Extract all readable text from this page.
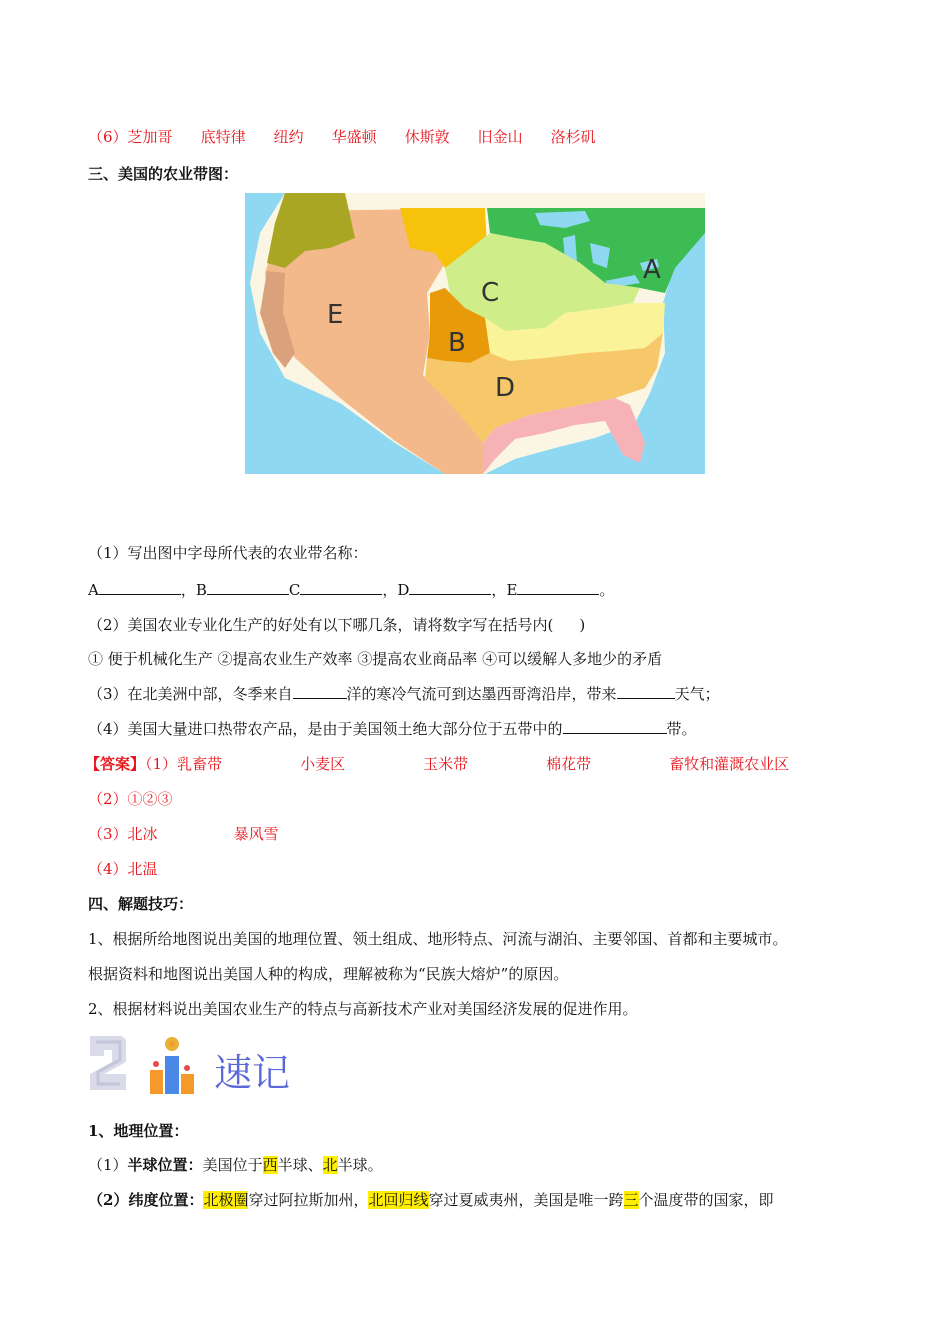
（6）芝加哥 底特律 纽约 华盛顿 休斯敦 旧金山 洛杉矶
三、美国的农业带图：
E
A
C
B
D
（1）写出图中字母所代表的农业带名称：
A	，B	C	，D	，E	。
（2）美国农业专业化生产的好处有以下哪几条，请将数字写在括号内( )
① 便于机械化生产 ②提高农业生产效率 ③提高农业商品率 ④可以缓解人多地少的矛盾
（3）在北美洲中部，冬季来自	洋的寒冷气流可到达墨西哥湾沿岸，带来	天气；
（4）美国大量进口热带农产品，是由于美国领土绝大部分位于五带中的	带。
【答案】（1）乳畜带	小麦区	玉米带	棉花带	畜牧和灌溉农业区
（2）①②③
（3）北冰	暴风雪
（4）北温
四、解题技巧：
1、根据所给地图说出美国的地理位置、领土组成、地形特点、河流与湖泊、主要邻国、首都和主要城市。
根据资料和地图说出美国人种的构成，理解被称为“民族大熔炉”的原因。
2、根据材料说出美国农业生产的特点与高新技术产业对美国经济发展的促进作用。
速记
1、地理位置：
（1）半球位置：美国位于西半球、北半球。
（2）纬度位置：北极圈穿过阿拉斯加州，北回归线穿过夏威夷州，美国是唯一跨三个温度带的国家，即
